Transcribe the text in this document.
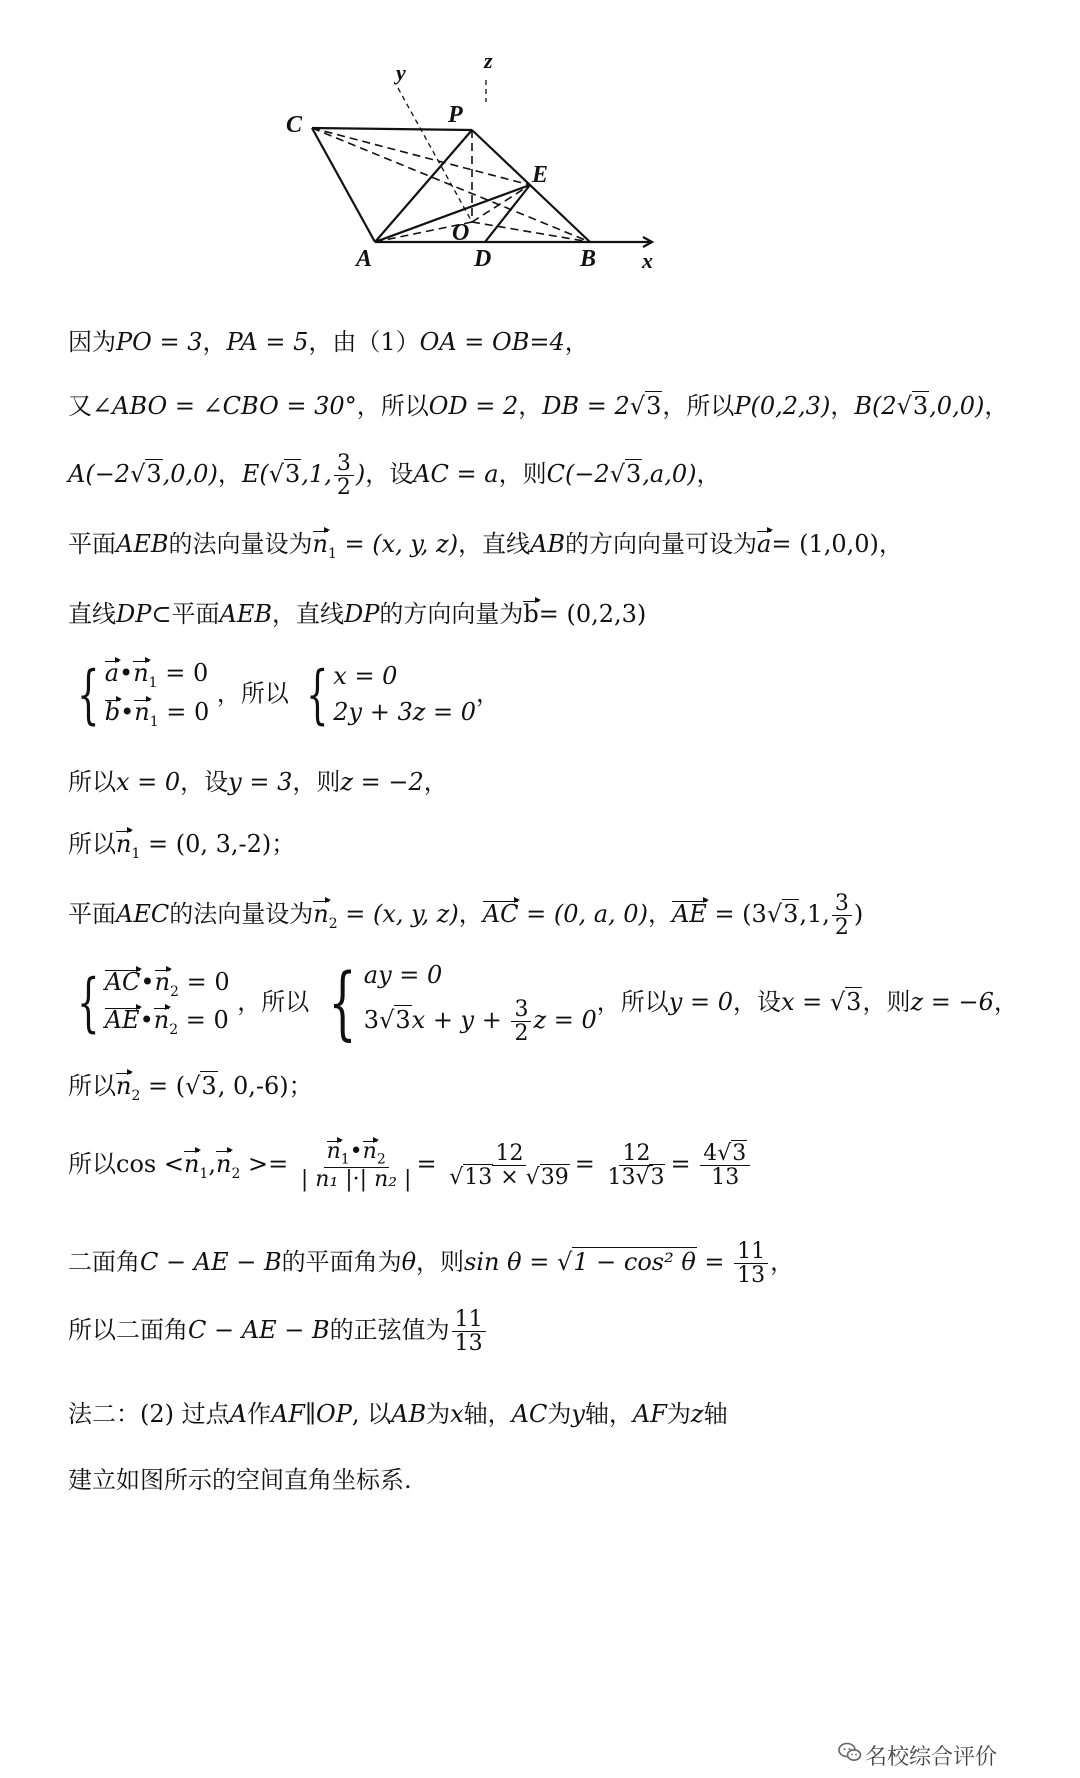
C	P
E
O
A	D	B x
y	z
因为PO = 3，PA = 5，由（1）OA = OB=4，
又∠ABO = ∠CBO = 30°，所以OD = 2，DB = 2√3，所以P(0,2,3)，B(2√3,0,0)，
A(−2√3,0,0)，E(√3,1, $\frac{3}{2}$ )，设AC = a，则C(−2√3,a,0)，
平面AEB的法向量设为$n_1 = (x$, y, z)，直线AB的方向向量可设为a= (1,0,0)，
直线DP⊂平面AEB，直线DP的方向向量为b= (0,2,3)
{ $a•n_1 = 0$
$b•n_1 = 0$
，所以 { x = 0
2y + 3z = 0
，
所以x = 0，设y = 3，则z = −2，
所以$n_1 = (0$, 3,-2)；
平面AEC的法向量设为$n_2 = (x$, y, z)，AC = (0, a, 0)，AE = (3√3,1, $\frac{3}{2}$ )
{ $AC•n_2 = 0$
$AE•n_2 = 0$
，所以 { ay = 0
$3√3x + y + \frac{3}{2}$ z = 0
，所以y = 0，设x = √3，则z = −6，
所以$n_2 = (√3$, 0,-6)；
所以$\cos <n_1,n_2 >= \frac{n_1•n_2}{\text{| n₁ |·| n₂ |}} = \frac{12}{√13 \times √39} = \frac{12}{13√3} = \frac{4√3}{13}$
二面角C − AE − B的平面角为θ，则sin θ = √1 − cos² $\theta = \frac{11}{13}$ ，
所以二面角C − AE − B的正弦值为 $\frac{11}{13}$
法二：(2) 过点A作AF∥OP, 以AB为x轴，AC为y轴，AF为z轴
建立如图所示的空间直角坐标系.
名校综合评价
